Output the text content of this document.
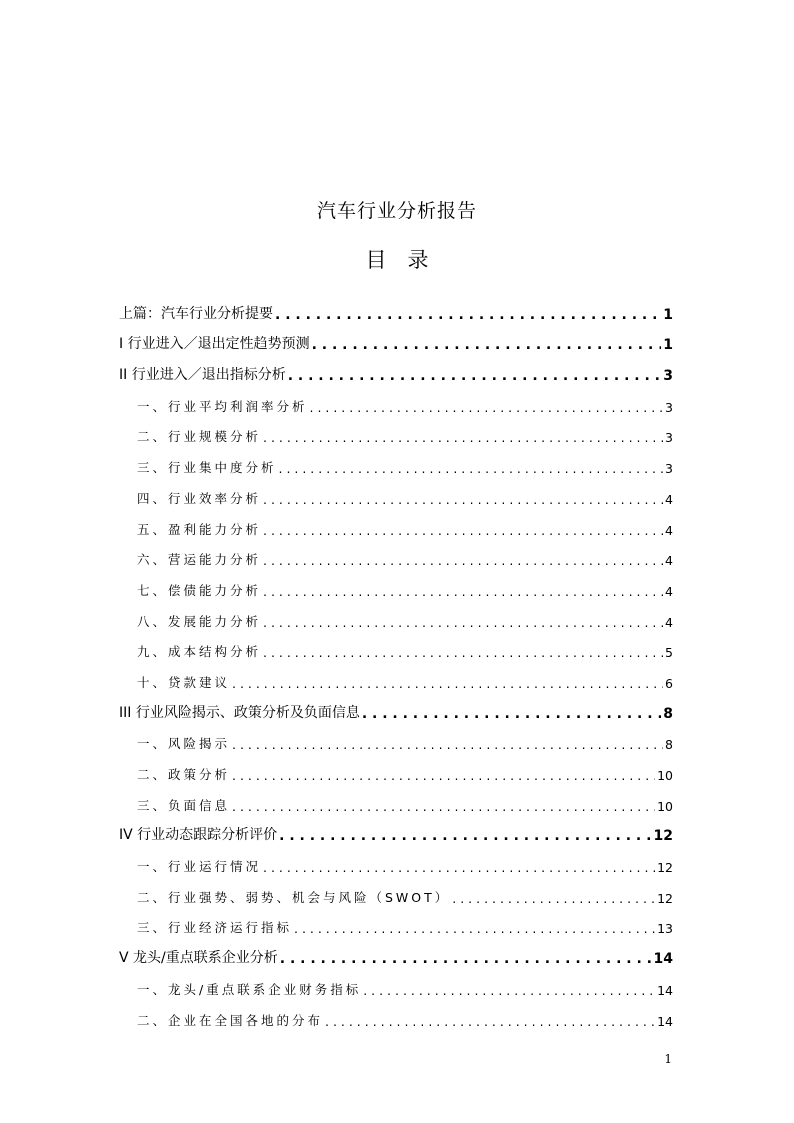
汽车行业分析报告
目　录
上篇：汽车行业分析提要 . . .	1
I 行业进入／退出定性趋势预测 . . .	1
II 行业进入／退出指标分析 . . .	3
一、行业平均利润率分析 . . .	3
二、行业规模分析 . . .	3
三、行业集中度分析 . . .	3
四、行业效率分析 . . .	4
五、盈利能力分析 . . .	4
六、营运能力分析 . . .	4
七、偿债能力分析 . . .	4
八、发展能力分析 . . .	4
九、成本结构分析 . . .	5
十、贷款建议 . . .	6
III 行业风险揭示、政策分析及负面信息 . . .	8
一、风险揭示 . . .	8
二、政策分析 . . .	10
三、负面信息 . . .	10
IV 行业动态跟踪分析评价 . . .	12
一、行业运行情况 . . .	12
二、行业强势、弱势、机会与风险（SWOT） . . .	12
三、行业经济运行指标 . . .	13
V 龙头/重点联系企业分析 . . .	14
一、龙头/重点联系企业财务指标 . . .	14
二、企业在全国各地的分布 . . .	14
1
